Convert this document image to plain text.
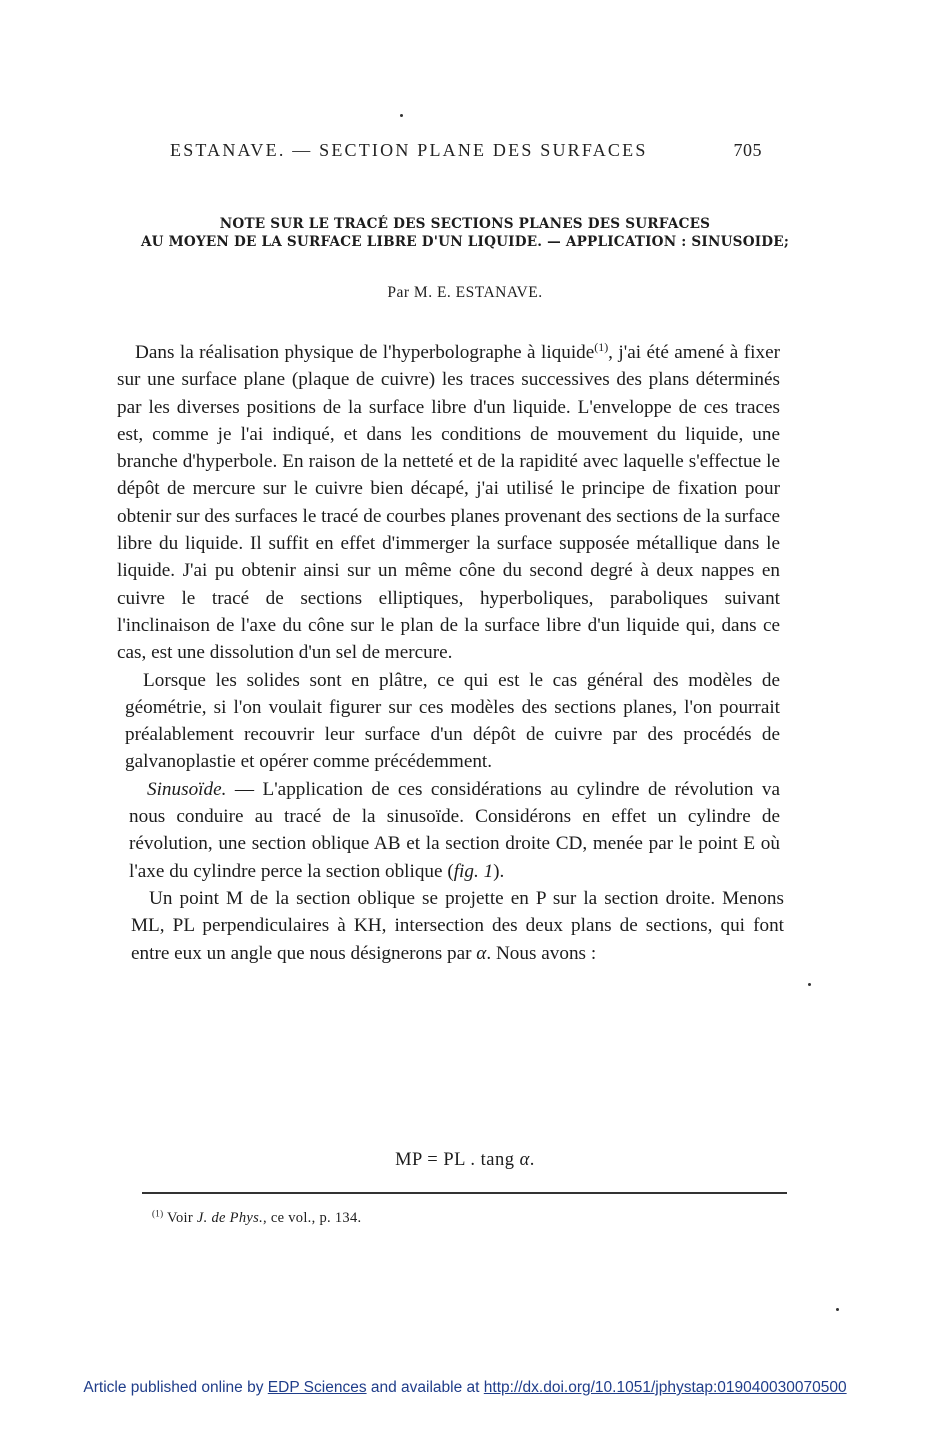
ESTANAVE. — SECTION PLANE DES SURFACES	705
NOTE SUR LE TRACÉ DES SECTIONS PLANES DES SURFACES
AU MOYEN DE LA SURFACE LIBRE D'UN LIQUIDE. — APPLICATION : SINUSOIDE;
Par M. E. ESTANAVE.

Dans la réalisation physique de l'hyperbolographe à liquide$^{(1)}$, j'ai été amené à fixer sur une surface plane (plaque de cuivre) les traces successives des plans déterminés par les diverses positions de la surface libre d'un liquide. L'enveloppe de ces traces est, comme je l'ai indiqué, et dans les conditions de mouvement du liquide, une branche d'hyperbole. En raison de la netteté et de la rapidité avec laquelle s'effectue le dépôt de mercure sur le cuivre bien décapé, j'ai utilisé le principe de fixation pour obtenir sur des surfaces le tracé de courbes planes provenant des sections de la surface libre du liquide. Il suffit en effet d'immerger la surface supposée métallique dans le liquide. J'ai pu obtenir ainsi sur un même cône du second degré à deux nappes en cuivre le tracé de sections elliptiques, hyperboliques, paraboliques suivant l'inclinaison de l'axe du cône sur le plan de la surface libre d'un liquide qui, dans ce cas, est une dissolution d'un sel de mercure.

Lorsque les solides sont en plâtre, ce qui est le cas général des modèles de géométrie, si l'on voulait figurer sur ces modèles des sections planes, l'on pourrait préalablement recouvrir leur surface d'un dépôt de cuivre par des procédés de galvanoplastie et opérer comme précédemment.

Sinusoïde. — L'application de ces considérations au cylindre de révolution va nous conduire au tracé de la sinusoïde. Considérons en effet un cylindre de révolution, une section oblique AB et la section droite CD, menée par le point E où l'axe du cylindre perce la section oblique (fig. 1).

Un point M de la section oblique se projette en P sur la section droite. Menons ML, PL perpendiculaires à KH, intersection des deux plans de sections, qui font entre eux un angle que nous désignerons par α. Nous avons :

MP = PL . tang α.
$^{(1)}$ Voir J. de Phys., ce vol., p. 134.
Article published online by EDP Sciences and available at http://dx.doi.org/10.1051/jphystap:019040030070500
